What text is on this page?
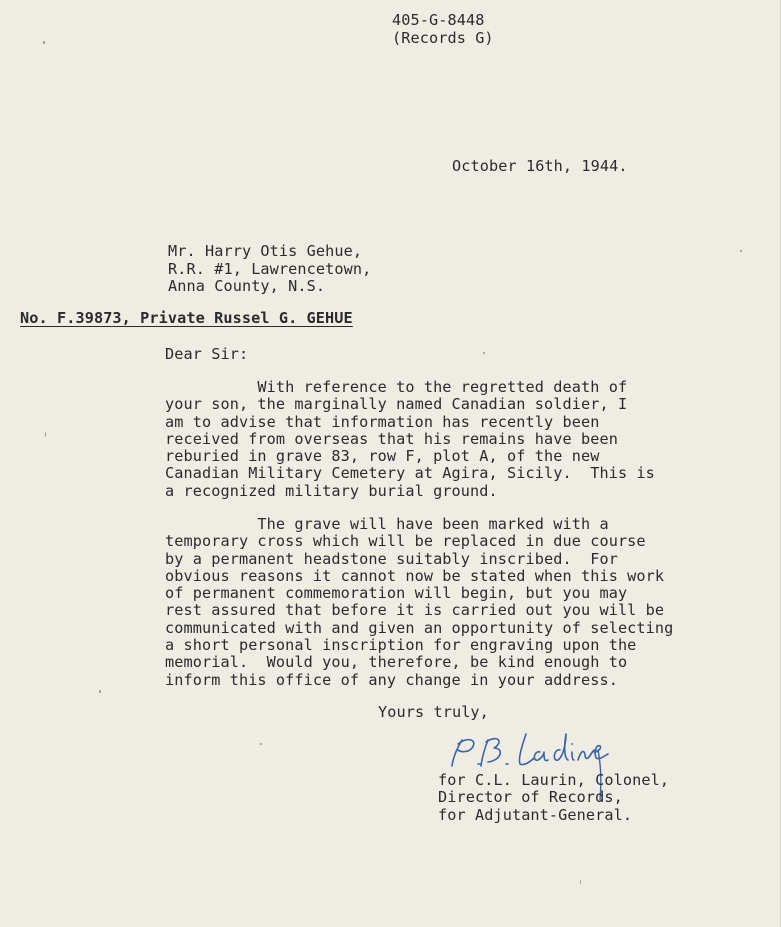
405-G-8448
(Records G)
October 16th, 1944.
Mr. Harry Otis Gehue,
R.R. #1, Lawrencetown,
Anna County, N.S.
No. F.39873, Private Russel G. GEHUE
Dear Sir:
With reference to the regretted death of
your son, the marginally named Canadian soldier, I
am to advise that information has recently been
received from overseas that his remains have been
reburied in grave 83, row F, plot A, of the new
Canadian Military Cemetery at Agira, Sicily.  This is
a recognized military burial ground.
The grave will have been marked with a
temporary cross which will be replaced in due course
by a permanent headstone suitably inscribed.  For
obvious reasons it cannot now be stated when this work
of permanent commemoration will begin, but you may
rest assured that before it is carried out you will be
communicated with and given an opportunity of selecting
a short personal inscription for engraving upon the
memorial.  Would you, therefore, be kind enough to
inform this office of any change in your address.
Yours truly,
for C.L. Laurin, Colonel,
Director of Records,
for Adjutant-General.
